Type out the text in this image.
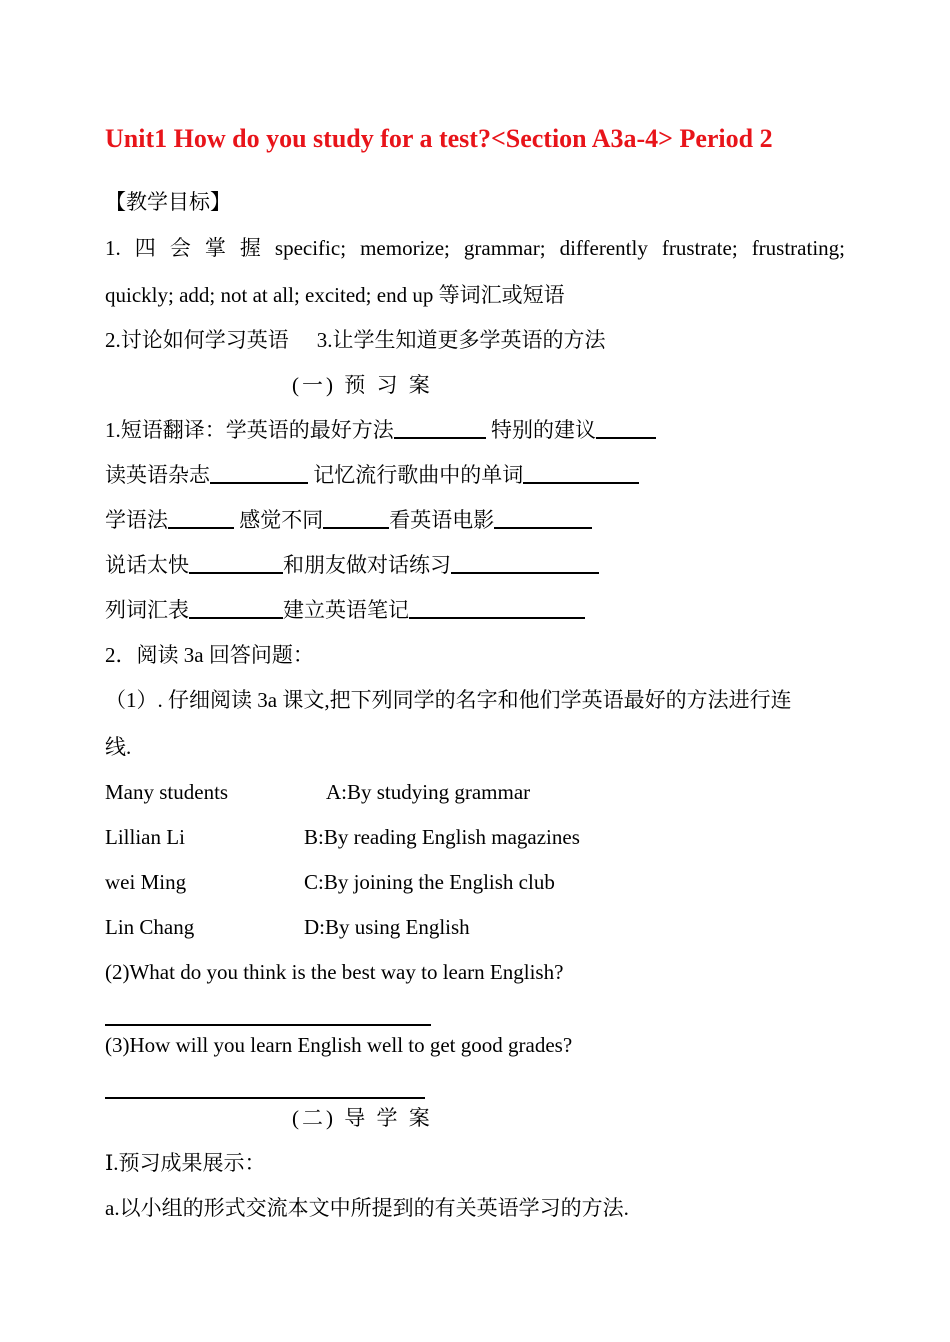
Unit1 How do you study for a test?<Section A3a-4> Period 2
【教学目标】
1. 四 会 掌 握 specific; memorize; grammar; differently frustrate; frustrating;
quickly; add; not at all; excited; end up 等词汇或短语
2.讨论如何学习英语 3.让学生知道更多学英语的方法
(一) 预 习 案
1.短语翻译：学英语的最好方法	特别的建议
读英语杂志	记忆流行歌曲中的单词
学语法	感觉不同	看英语电影
说话太快	和朋友做对话练习
列词汇表	建立英语笔记
2．阅读 3a 回答问题：
（1）. 仔细阅读 3a 课文,把下列同学的名字和他们学英语最好的方法进行连
线.
Many students	A:By studying grammar
Lillian Li	B:By reading English magazines
wei Ming	C:By joining the English club
Lin Chang	D:By using English
(2)What do you think is the best way to learn English?
(3)How will you learn English well to get good grades?
(二) 导 学 案
Ⅰ.预习成果展示：
a.以小组的形式交流本文中所提到的有关英语学习的方法.
